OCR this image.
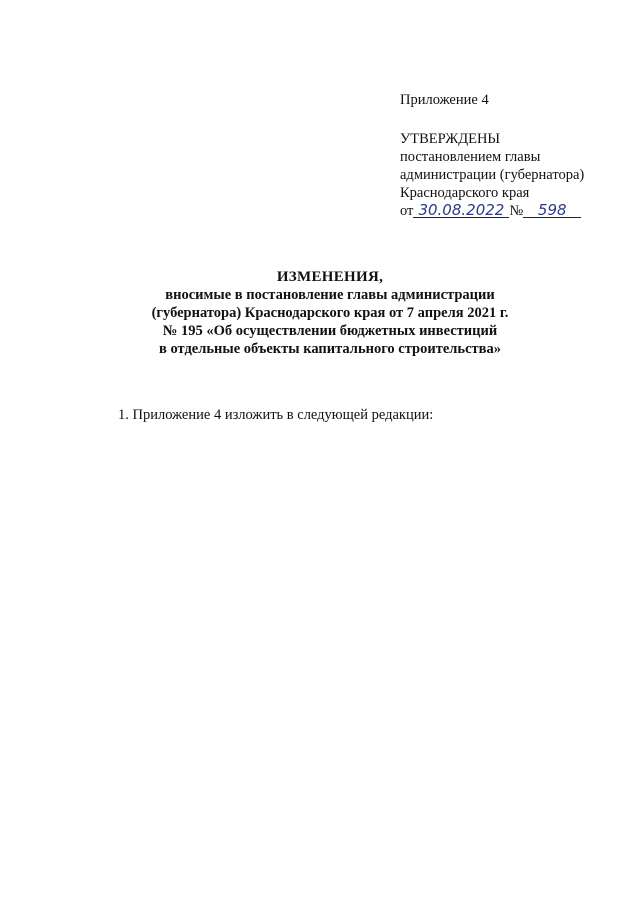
Приложение 4
УТВЕРЖДЕНЫ
постановлением главы
администрации (губернатора)
Краснодарского края
от 30.08.2022 № 598
ИЗМЕНЕНИЯ,
вносимые в постановление главы администрации
(губернатора) Краснодарского края от 7 апреля 2021 г.
№ 195 «Об осуществлении бюджетных инвестиций
в отдельные объекты капитального строительства»
1. Приложение 4 изложить в следующей редакции:
